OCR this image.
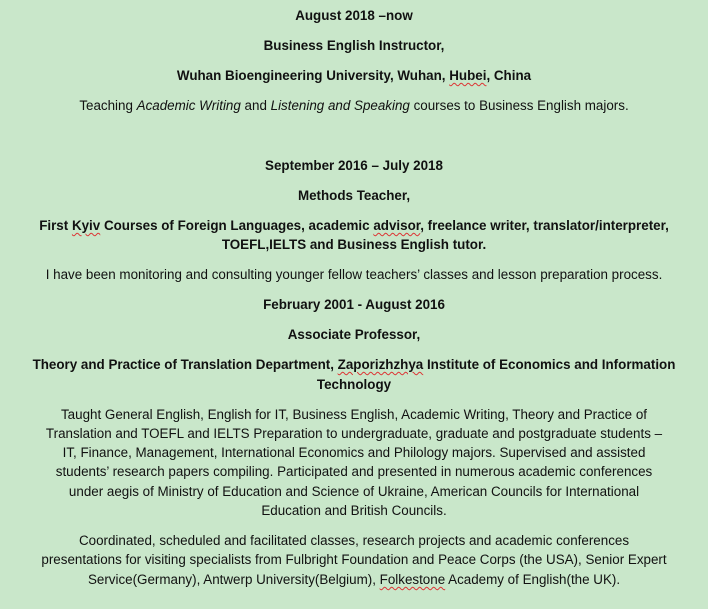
August 2018 –now
Business English Instructor,
Wuhan Bioengineering University, Wuhan, Hubei, China
Teaching Academic Writing and Listening and Speaking courses to Business English majors.
September 2016 – July 2018
Methods Teacher,
First Kyiv Courses of Foreign Languages, academic advisor, freelance writer, translator/interpreter,
TOEFL,IELTS and Business English tutor.
I have been monitoring and consulting younger fellow teachers’ classes and lesson preparation process.
February 2001 - August 2016
Associate Professor,
Theory and Practice of Translation Department, Zaporizhzhya Institute of Economics and Information
Technology
Taught General English, English for IT, Business English, Academic Writing, Theory and Practice of
Translation and TOEFL and IELTS Preparation to undergraduate, graduate and postgraduate students –
IT, Finance, Management, International Economics and Philology majors. Supervised and assisted
students’ research papers compiling. Participated and presented in numerous academic conferences
under aegis of Ministry of Education and Science of Ukraine, American Councils for International
Education and British Councils.
Coordinated, scheduled and facilitated classes, research projects and academic conferences
presentations for visiting specialists from Fulbright Foundation and Peace Corps (the USA), Senior Expert
Service(Germany), Antwerp University(Belgium), Folkestone Academy of English(the UK).
